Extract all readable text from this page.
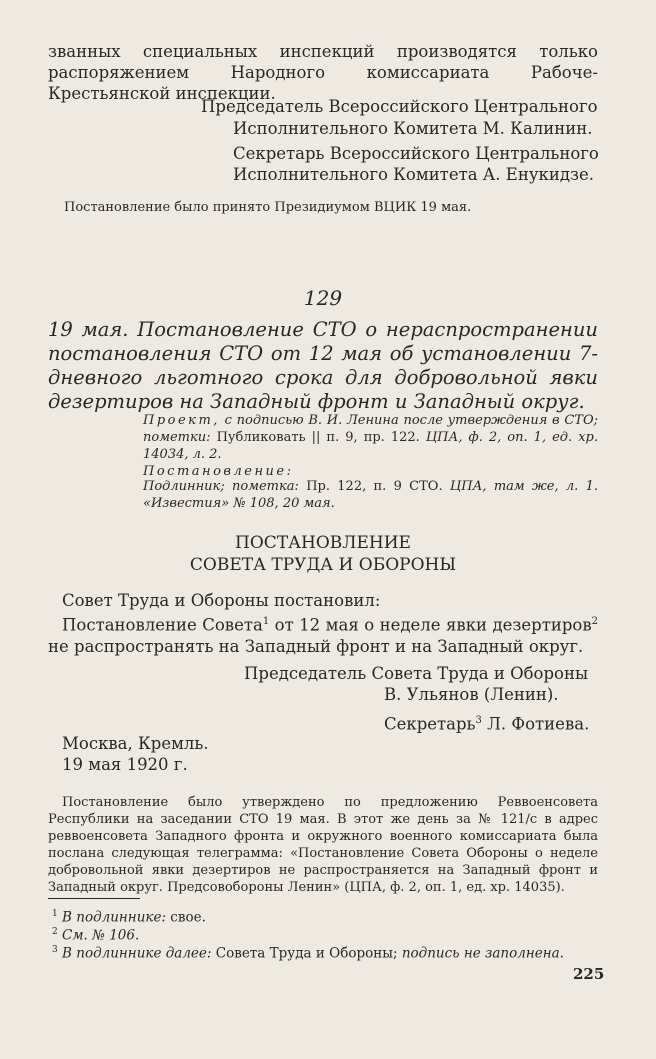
званных специальных инспекций производятся только распоряжением Народного комиссариата Рабоче-Крестьянской инспекции.
Председатель Всероссийского Центрального
Исполнительного Комитета М. Калинин.
Секретарь Всероссийского Центрального
Исполнительного Комитета А. Енукидзе.
Постановление было принято Президиумом ВЦИК 19 мая.
129
19 мая. Постановление СТО о нераспространении постановления СТО от 12 мая об установлении 7-дневного льготного срока для добровольной явки дезертиров на Западный фронт и Западный округ.
Проект, с подписью В. И. Ленина после утверждения в СТО; пометки: Публиковать || п. 9, пр. 122. ЦПА, ф. 2, оп. 1, ед. хр. 14034, л. 2.
Постановление:
Подлинник; пометка: Пр. 122, п. 9 СТО. ЦПА, там же, л. 1. «Известия» № 108, 20 мая.
ПОСТАНОВЛЕНИЕ
СОВЕТА ТРУДА И ОБОРОНЫ
Совет Труда и Обороны постановил:
Постановление Совета$^1$ от 12 мая о неделе явки дезертиров$^2$ не распространять на Западный фронт и на Западный округ.
Председатель Совета Труда и Обороны
В. Ульянов (Ленин).
Секретарь$^3$ Л. Фотиева.
Москва, Кремль.
19 мая 1920 г.
Постановление было утверждено по предложению Реввоенсовета Республики на заседании СТО 19 мая. В этот же день за № 121/с в адрес реввоенсовета Западного фронта и окружного военного комиссариата была послана следующая телеграмма: «Постановление Совета Обороны о неделе добровольной явки дезертиров не распространяется на Западный фронт и Западный округ. Предсовобороны Ленин» (ЦПА, ф. 2, оп. 1, ед. хр. 14035).
$^1$ В подлиннике: свое.
$^2$ См. № 106.
$^3$ В подлиннике далее: Совета Труда и Обороны; подпись не заполнена.
225
